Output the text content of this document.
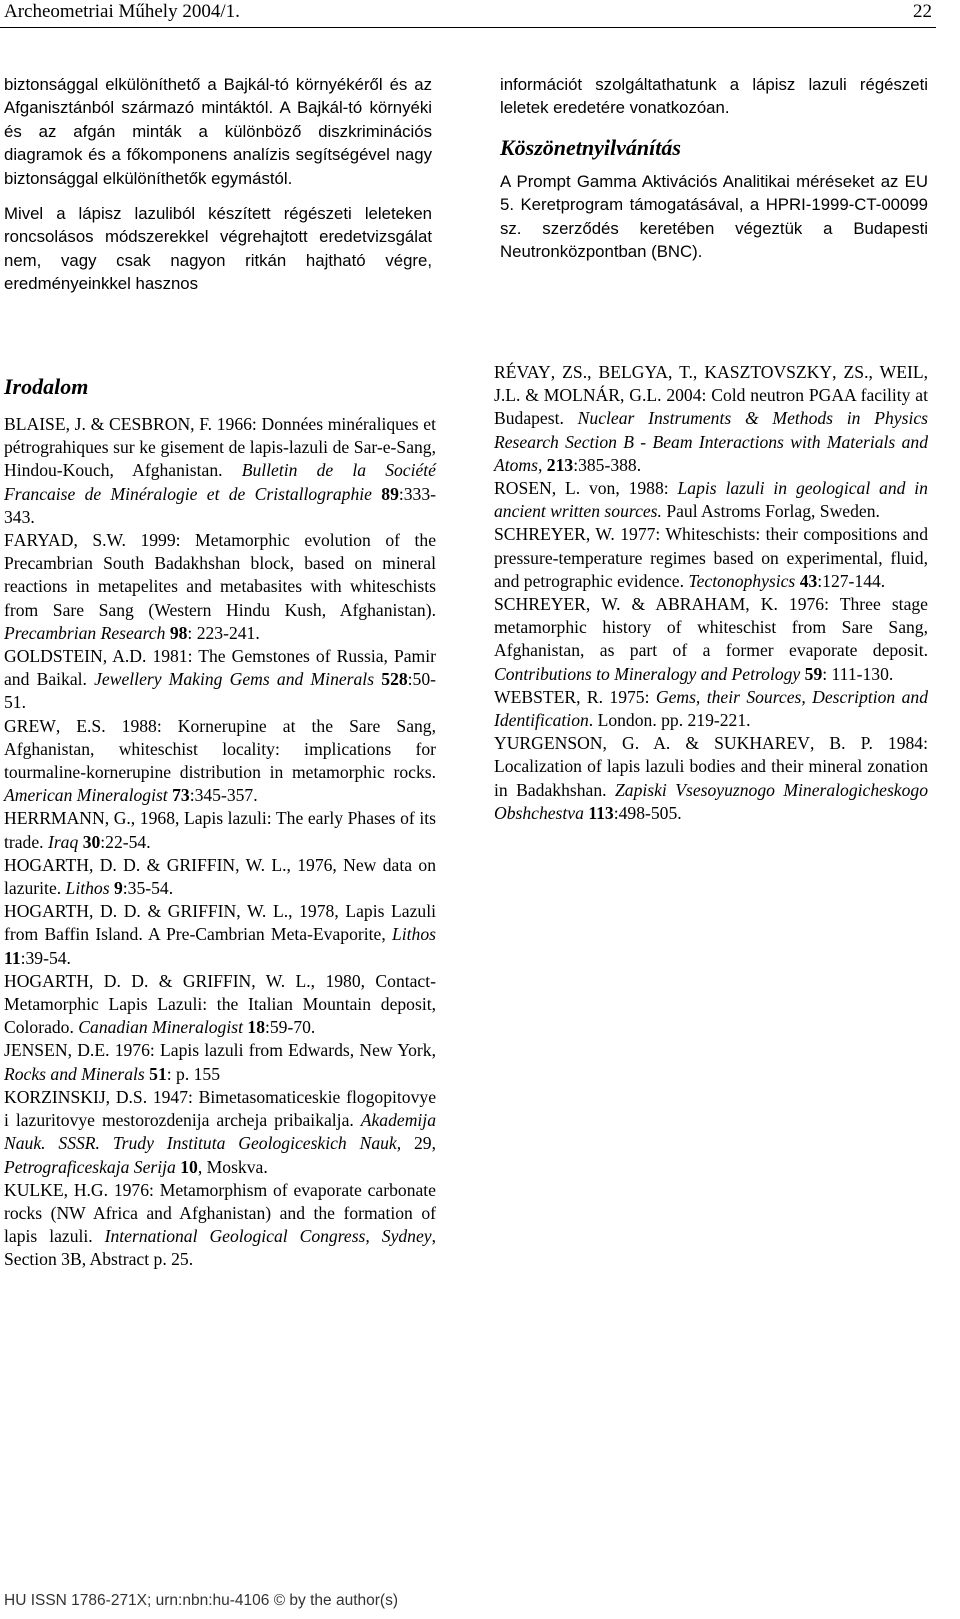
Archeometriai Műhely 2004/1.	22

biztonsággal elkülöníthető a Bajkál-tó környékéről és az Afganisztánból származó mintáktól. A Bajkál-tó környéki és az afgán minták a különböző diszkriminációs diagramok és a főkomponens analízis segítségével nagy biztonsággal elkülöníthetők egymástól.

Mivel a lápisz lazuliból készített régészeti leleteken roncsolásos módszerekkel végrehajtott eredetvizsgálat nem, vagy csak nagyon ritkán hajtható végre, eredményeinkkel hasznos

információt szolgáltathatunk a lápisz lazuli régészeti leletek eredetére vonatkozóan.

Köszönetnyilvánítás

A Prompt Gamma Aktivációs Analitikai méréseket az EU 5. Keretprogram támogatásával, a HPRI-1999-CT-00099 sz. szerződés keretében végeztük a Budapesti Neutronközpontban (BNC).

Irodalom

BLAISE, J. & CESBRON, F. 1966: Données minéraliques et pétrograhiques sur ke gisement de lapis-lazuli de Sar-e-Sang, Hindou-Kouch, Afghanistan. Bulletin de la Société Francaise de Minéralogie et de Cristallographie 89:333-343.

FARYAD, S.W. 1999: Metamorphic evolution of the Precambrian South Badakhshan block, based on mineral reactions in metapelites and metabasites with whiteschists from Sare Sang (Western Hindu Kush, Afghanistan). Precambrian Research 98: 223-241.

GOLDSTEIN, A.D. 1981: The Gemstones of Russia, Pamir and Baikal. Jewellery Making Gems and Minerals 528:50-51.

GREW, E.S. 1988: Kornerupine at the Sare Sang, Afghanistan, whiteschist locality: implications for tourmaline-kornerupine distribution in metamorphic rocks. American Mineralogist 73:345-357.

HERRMANN, G., 1968, Lapis lazuli: The early Phases of its trade. Iraq 30:22-54.

HOGARTH, D. D. & GRIFFIN, W. L., 1976, New data on lazurite. Lithos 9:35-54.

HOGARTH, D. D. & GRIFFIN, W. L., 1978, Lapis Lazuli from Baffin Island. A Pre-Cambrian Meta-Evaporite, Lithos 11:39-54.

HOGARTH, D. D. & GRIFFIN, W. L., 1980, Contact-Metamorphic Lapis Lazuli: the Italian Mountain deposit, Colorado. Canadian Mineralogist 18:59-70.

JENSEN, D.E. 1976: Lapis lazuli from Edwards, New York, Rocks and Minerals 51: p. 155

KORZINSKIJ, D.S. 1947: Bimetasomaticeskie flogopitovye i lazuritovye mestorozdenija archeja pribaikalja. Akademija Nauk. SSSR. Trudy Instituta Geologiceskich Nauk, 29, Petrograficeskaja Serija 10, Moskva.

KULKE, H.G. 1976: Metamorphism of evaporate carbonate rocks (NW Africa and Afghanistan) and the formation of lapis lazuli. International Geological Congress, Sydney, Section 3B, Abstract p. 25.

RÉVAY, ZS., BELGYA, T., KASZTOVSZKY, ZS., WEIL, J.L. & MOLNÁR, G.L. 2004: Cold neutron PGAA facility at Budapest. Nuclear Instruments & Methods in Physics Research Section B - Beam Interactions with Materials and Atoms, 213:385-388.

ROSEN, L. von, 1988: Lapis lazuli in geological and in ancient written sources. Paul Astroms Forlag, Sweden.

SCHREYER, W. 1977: Whiteschists: their compositions and pressure-temperature regimes based on experimental, fluid, and petrographic evidence. Tectonophysics 43:127-144.

SCHREYER, W. & ABRAHAM, K. 1976: Three stage metamorphic history of whiteschist from Sare Sang, Afghanistan, as part of a former evaporate deposit. Contributions to Mineralogy and Petrology 59: 111-130.

WEBSTER, R. 1975: Gems, their Sources, Description and Identification. London. pp. 219-221.

YURGENSON, G. A. & SUKHAREV, B. P. 1984: Localization of lapis lazuli bodies and their mineral zonation in Badakhshan. Zapiski Vsesoyuznogo Mineralogicheskogo Obshchestva 113:498-505.

HU ISSN 1786-271X; urn:nbn:hu-4106 © by the author(s)
